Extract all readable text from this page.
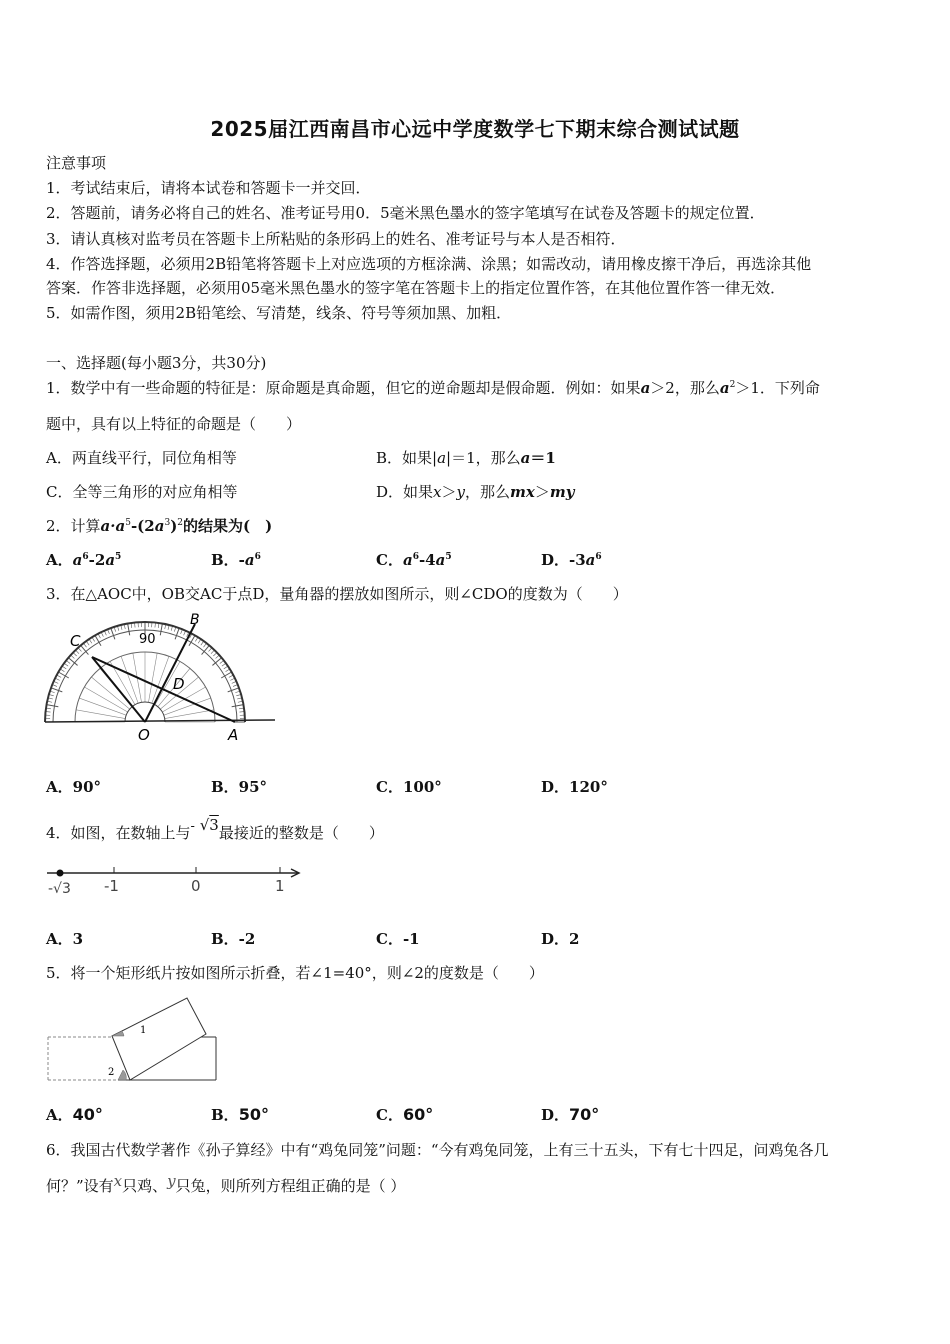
2025届江西南昌市心远中学度数学七下期末综合测试试题
注意事项
1．考试结束后，请将本试卷和答题卡一并交回．
2．答题前，请务必将自己的姓名、准考证号用0．5毫米黑色墨水的签字笔填写在试卷及答题卡的规定位置．
3．请认真核对监考员在答题卡上所粘贴的条形码上的姓名、准考证号与本人是否相符．
4．作答选择题，必须用2B铅笔将答题卡上对应选项的方框涂满、涂黑；如需改动，请用橡皮擦干净后，再选涂其他
答案．作答非选择题，必须用05毫米黑色墨水的签字笔在答题卡上的指定位置作答，在其他位置作答一律无效．
5．如需作图，须用2B铅笔绘、写清楚，线条、符号等须加黑、加粗．
一、选择题(每小题3分，共30分)
1．数学中有一些命题的特征是：原命题是真命题，但它的逆命题却是假命题．例如：如果a＞2，那么$a^2>1$．下列命
题中，具有以上特征的命题是（　　）
A．两直线平行，同位角相等	B．如果|a|＝1，那么a＝1
C．全等三角形的对应角相等	D．如果x＞y，那么mx＞my
2．计算$a\cdot a^5-(2a^3)^2$的结果为(　)
A．$a^6-2a^5$	B．$-a^6$	C．$a^6-4a^5$	D．$-3a^6$
3．在△AOC中，OB交AC于点D，量角器的摆放如图所示，则∠CDO的度数为（　　）
C
B
D
O	A
90
A．90°	B．95°	C．100°	D．120°
4．如图，在数轴上与- √3最接近的整数是（　　）
-√3 -1	0	1
A．3	B．-2	C．-1	D．2
5．将一个矩形纸片按如图所示折叠，若∠1=40°，则∠2的度数是（　　）
1
2
A．40°	B．50°	C．60°	D．70°
6．我国古代数学著作《孙子算经》中有“鸡兔同笼”问题：“今有鸡兔同笼，上有三十五头，下有七十四足，问鸡兔各几
何？”设有x只鸡、y只兔，则所列方程组正确的是（ ）
